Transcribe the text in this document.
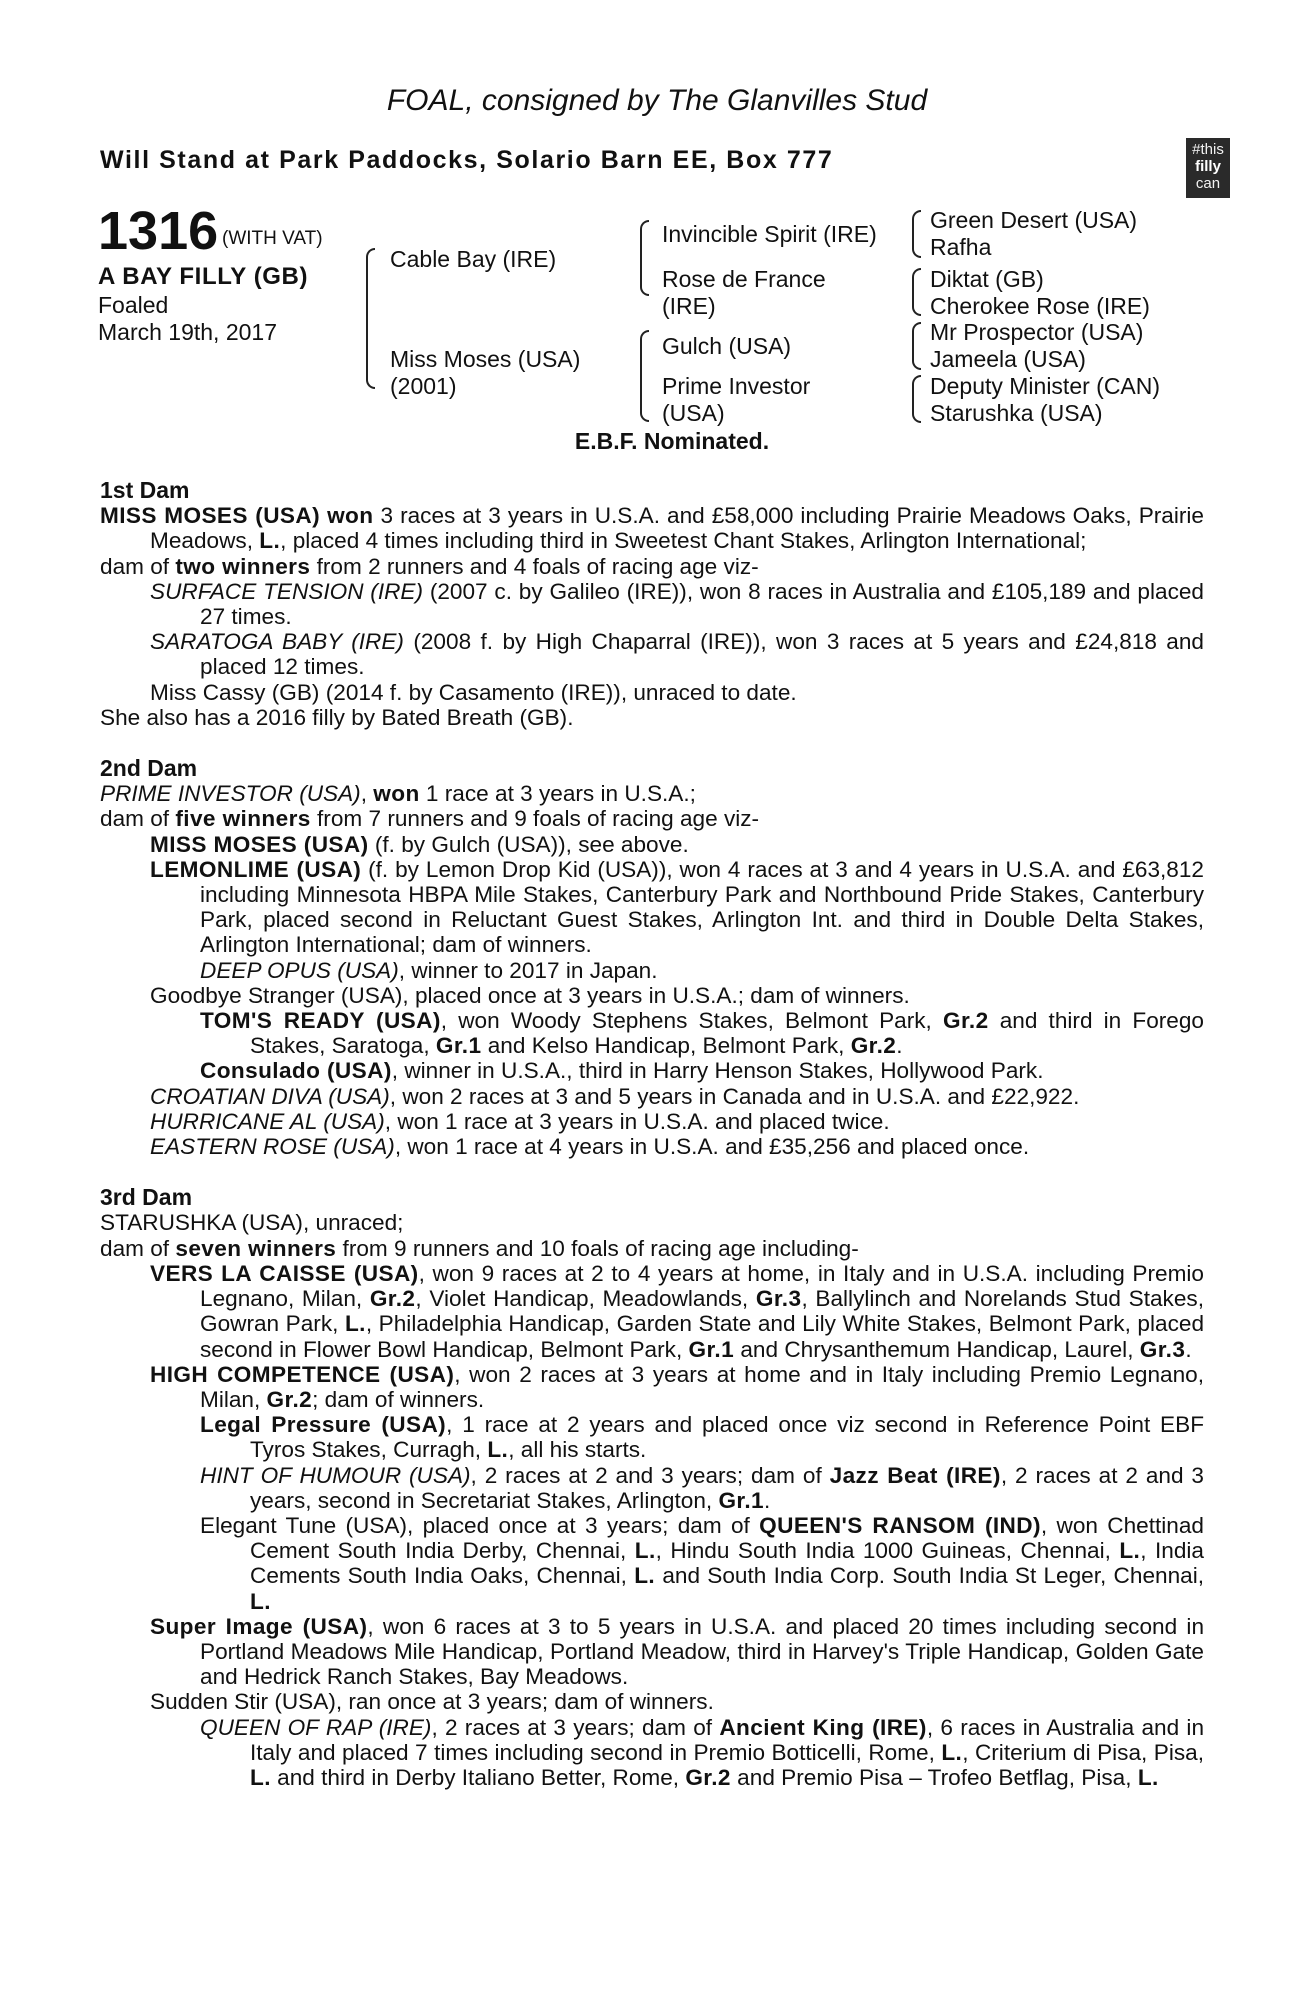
FOAL, consigned by The Glanvilles Stud
Will Stand at Park Paddocks, Solario Barn EE, Box 777	#this
filly
can
1316 (WITH VAT)
A BAY FILLY (GB)
Foaled
March 19th, 2017
Cable Bay (IRE)
Miss Moses (USA)
(2001)
Invincible Spirit (IRE)
Rose de France
(IRE)
Gulch (USA)
Prime Investor
(USA)
Green Desert (USA)
Rafha
Diktat (GB)
Cherokee Rose (IRE)
Mr Prospector (USA)
Jameela (USA)
Deputy Minister (CAN)
Starushka (USA)
E.B.F. Nominated.
1st Dam
MISS MOSES (USA) won 3 races at 3 years in U.S.A. and £58,000 including Prairie Meadows Oaks, Prairie Meadows, L., placed 4 times including third in Sweetest Chant Stakes, Arlington International;
dam of two winners from 2 runners and 4 foals of racing age viz-
SURFACE TENSION (IRE) (2007 c. by Galileo (IRE)), won 8 races in Australia and £105,189 and placed 27 times.
SARATOGA BABY (IRE) (2008 f. by High Chaparral (IRE)), won 3 races at 5 years and £24,818 and placed 12 times.
Miss Cassy (GB) (2014 f. by Casamento (IRE)), unraced to date.
She also has a 2016 filly by Bated Breath (GB).
2nd Dam
PRIME INVESTOR (USA), won 1 race at 3 years in U.S.A.;
dam of five winners from 7 runners and 9 foals of racing age viz-
MISS MOSES (USA) (f. by Gulch (USA)), see above.
LEMONLIME (USA) (f. by Lemon Drop Kid (USA)), won 4 races at 3 and 4 years in U.S.A. and £63,812 including Minnesota HBPA Mile Stakes, Canterbury Park and Northbound Pride Stakes, Canterbury Park, placed second in Reluctant Guest Stakes, Arlington Int. and third in Double Delta Stakes, Arlington International; dam of winners.
DEEP OPUS (USA), winner to 2017 in Japan.
Goodbye Stranger (USA), placed once at 3 years in U.S.A.; dam of winners.
TOM'S READY (USA), won Woody Stephens Stakes, Belmont Park, Gr.2 and third in Forego Stakes, Saratoga, Gr.1 and Kelso Handicap, Belmont Park, Gr.2.
Consulado (USA), winner in U.S.A., third in Harry Henson Stakes, Hollywood Park.
CROATIAN DIVA (USA), won 2 races at 3 and 5 years in Canada and in U.S.A. and £22,922.
HURRICANE AL (USA), won 1 race at 3 years in U.S.A. and placed twice.
EASTERN ROSE (USA), won 1 race at 4 years in U.S.A. and £35,256 and placed once.
3rd Dam
STARUSHKA (USA), unraced;
dam of seven winners from 9 runners and 10 foals of racing age including-
VERS LA CAISSE (USA), won 9 races at 2 to 4 years at home, in Italy and in U.S.A. including Premio Legnano, Milan, Gr.2, Violet Handicap, Meadowlands, Gr.3, Ballylinch and Norelands Stud Stakes, Gowran Park, L., Philadelphia Handicap, Garden State and Lily White Stakes, Belmont Park, placed second in Flower Bowl Handicap, Belmont Park, Gr.1 and Chrysanthemum Handicap, Laurel, Gr.3.
HIGH COMPETENCE (USA), won 2 races at 3 years at home and in Italy including Premio Legnano, Milan, Gr.2; dam of winners.
Legal Pressure (USA), 1 race at 2 years and placed once viz second in Reference Point EBF Tyros Stakes, Curragh, L., all his starts.
HINT OF HUMOUR (USA), 2 races at 2 and 3 years; dam of Jazz Beat (IRE), 2 races at 2 and 3 years, second in Secretariat Stakes, Arlington, Gr.1.
Elegant Tune (USA), placed once at 3 years; dam of QUEEN'S RANSOM (IND), won Chettinad Cement South India Derby, Chennai, L., Hindu South India 1000 Guineas, Chennai, L., India Cements South India Oaks, Chennai, L. and South India Corp. South India St Leger, Chennai, L.
Super Image (USA), won 6 races at 3 to 5 years in U.S.A. and placed 20 times including second in Portland Meadows Mile Handicap, Portland Meadow, third in Harvey's Triple Handicap, Golden Gate and Hedrick Ranch Stakes, Bay Meadows.
Sudden Stir (USA), ran once at 3 years; dam of winners.
QUEEN OF RAP (IRE), 2 races at 3 years; dam of Ancient King (IRE), 6 races in Australia and in Italy and placed 7 times including second in Premio Botticelli, Rome, L., Criterium di Pisa, Pisa, L. and third in Derby Italiano Better, Rome, Gr.2 and Premio Pisa – Trofeo Betflag, Pisa, L.
